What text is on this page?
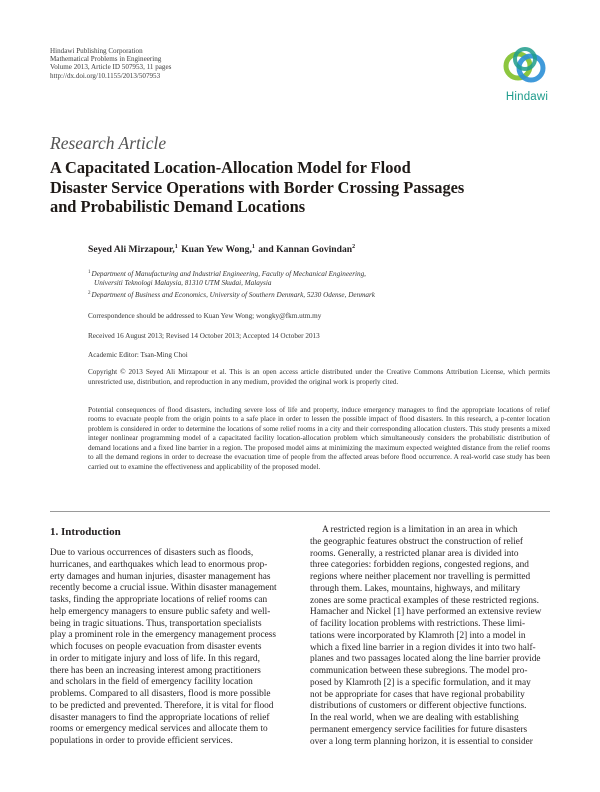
Hindawi Publishing Corporation
Mathematical Problems in Engineering
Volume 2013, Article ID 507953, 11 pages
http://dx.doi.org/10.1155/2013/507953
Hindawi
Research Article
A Capacitated Location-Allocation Model for Flood
Disaster Service Operations with Border Crossing Passages
and Probabilistic Demand Locations
Seyed Ali Mirzapour,$^1$ Kuan Yew Wong,$^1$ and Kannan Govindan$^2$
$^1$Department of Manufacturing and Industrial Engineering, Faculty of Mechanical Engineering,
Universiti Teknologi Malaysia, 81310 UTM Skudai, Malaysia
$^2$Department of Business and Economics, University of Southern Denmark, 5230 Odense, Denmark
Correspondence should be addressed to Kuan Yew Wong; wongky@fkm.utm.my
Received 16 August 2013; Revised 14 October 2013; Accepted 14 October 2013
Academic Editor: Tsan-Ming Choi
Copyright © 2013 Seyed Ali Mirzapour et al. This is an open access article distributed under the Creative Commons Attribution License, which permits unrestricted use, distribution, and reproduction in any medium, provided the original work is properly cited.

Potential consequences of flood disasters, including severe loss of life and property, induce emergency managers to find the appropriate locations of relief rooms to evacuate people from the origin points to a safe place in order to lessen the possible impact of flood disasters. In this research, a p-center location problem is considered in order to determine the locations of some relief rooms in a city and their corresponding allocation clusters. This study presents a mixed integer nonlinear programming model of a capacitated facility location-allocation problem which simultaneously considers the probabilistic distribution of demand locations and a fixed line barrier in a region. The proposed model aims at minimizing the maximum expected weighted distance from the relief rooms to all the demand regions in order to decrease the evacuation time of people from the affected areas before flood occurrence. A real-world case study has been carried out to examine the effectiveness and applicability of the proposed model.

1. Introduction
Due to various occurrences of disasters such as floods,
hurricanes, and earthquakes which lead to enormous prop-
erty damages and human injuries, disaster management has
recently become a crucial issue. Within disaster management
tasks, finding the appropriate locations of relief rooms can
help emergency managers to ensure public safety and well-
being in tragic situations. Thus, transportation specialists
play a prominent role in the emergency management process
which focuses on people evacuation from disaster events
in order to mitigate injury and loss of life. In this regard,
there has been an increasing interest among practitioners
and scholars in the field of emergency facility location
problems. Compared to all disasters, flood is more possible
to be predicted and prevented. Therefore, it is vital for flood
disaster managers to find the appropriate locations of relief
rooms or emergency medical services and allocate them to
populations in order to provide efficient services.
A restricted region is a limitation in an area in which
the geographic features obstruct the construction of relief
rooms. Generally, a restricted planar area is divided into
three categories: forbidden regions, congested regions, and
regions where neither placement nor travelling is permitted
through them. Lakes, mountains, highways, and military
zones are some practical examples of these restricted regions.
Hamacher and Nickel [1] have performed an extensive review
of facility location problems with restrictions. These limi-
tations were incorporated by Klamroth [2] into a model in
which a fixed line barrier in a region divides it into two half-
planes and two passages located along the line barrier provide
communication between these subregions. The model pro-
posed by Klamroth [2] is a specific formulation, and it may
not be appropriate for cases that have regional probability
distributions of customers or different objective functions.
In the real world, when we are dealing with establishing
permanent emergency service facilities for future disasters
over a long term planning horizon, it is essential to consider
